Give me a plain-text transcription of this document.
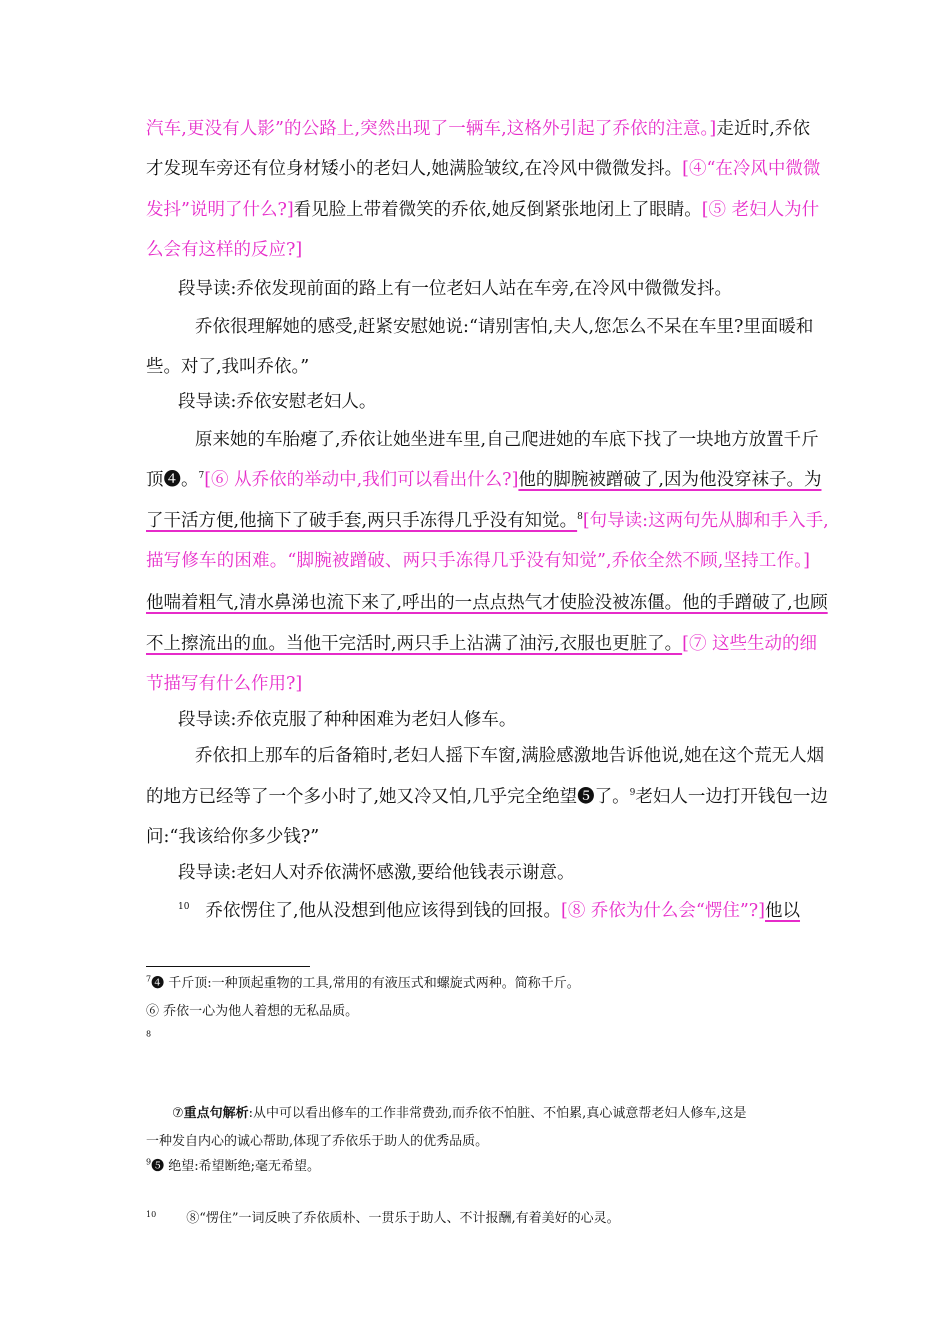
汽车,更没有人影”的公路上,突然出现了一辆车,这格外引起了乔依的注意。]走近时,乔依
才发现车旁还有位身材矮小的老妇人,她满脸皱纹,在冷风中微微发抖。[④“在冷风中微微
发抖”说明了什么?]看见脸上带着微笑的乔依,她反倒紧张地闭上了眼睛。[⑤ 老妇人为什
么会有这样的反应?]
段导读:乔依发现前面的路上有一位老妇人站在车旁,在冷风中微微发抖。
乔依很理解她的感受,赶紧安慰她说:“请别害怕,夫人,您怎么不呆在车里?里面暖和
些。对了,我叫乔依。”
段导读:乔依安慰老妇人。
原来她的车胎瘪了,乔依让她坐进车里,自己爬进她的车底下找了一块地方放置千斤
顶❹。$^7$[⑥ 从乔依的举动中,我们可以看出什么?]他的脚腕被蹭破了,因为他没穿袜子。为
了干活方便,他摘下了破手套,两只手冻得几乎没有知觉。$^8$[句导读:这两句先从脚和手入手,
描写修车的困难。“脚腕被蹭破、两只手冻得几乎没有知觉”,乔依全然不顾,坚持工作。]
他喘着粗气,清水鼻涕也流下来了,呼出的一点点热气才使脸没被冻僵。他的手蹭破了,也顾
不上擦流出的血。当他干完活时,两只手上沾满了油污,衣服也更脏了。[⑦ 这些生动的细
节描写有什么作用?]
段导读:乔依克服了种种困难为老妇人修车。
乔依扣上那车的后备箱时,老妇人摇下车窗,满脸感激地告诉他说,她在这个荒无人烟
的地方已经等了一个多小时了,她又冷又怕,几乎完全绝望❺了。$^9$老妇人一边打开钱包一边
问:“我该给你多少钱?”
段导读:老妇人对乔依满怀感激,要给他钱表示谢意。
$^{10}$ 乔依愣住了,他从没想到他应该得到钱的回报。[⑧ 乔依为什么会“愣住”?]他以
$^7$❹ 千斤顶:一种顶起重物的工具,常用的有液压式和螺旋式两种。简称千斤。
⑥ 乔依一心为他人着想的无私品质。
$^8$
⑦重点句解析:从中可以看出修车的工作非常费劲,而乔依不怕脏、不怕累,真心诚意帮老妇人修车,这是
一种发自内心的诚心帮助,体现了乔依乐于助人的优秀品质。
$^9$❺ 绝望:希望断绝;毫无希望。
$^{10}$ ⑧“愣住”一词反映了乔依质朴、一贯乐于助人、不计报酬,有着美好的心灵。
